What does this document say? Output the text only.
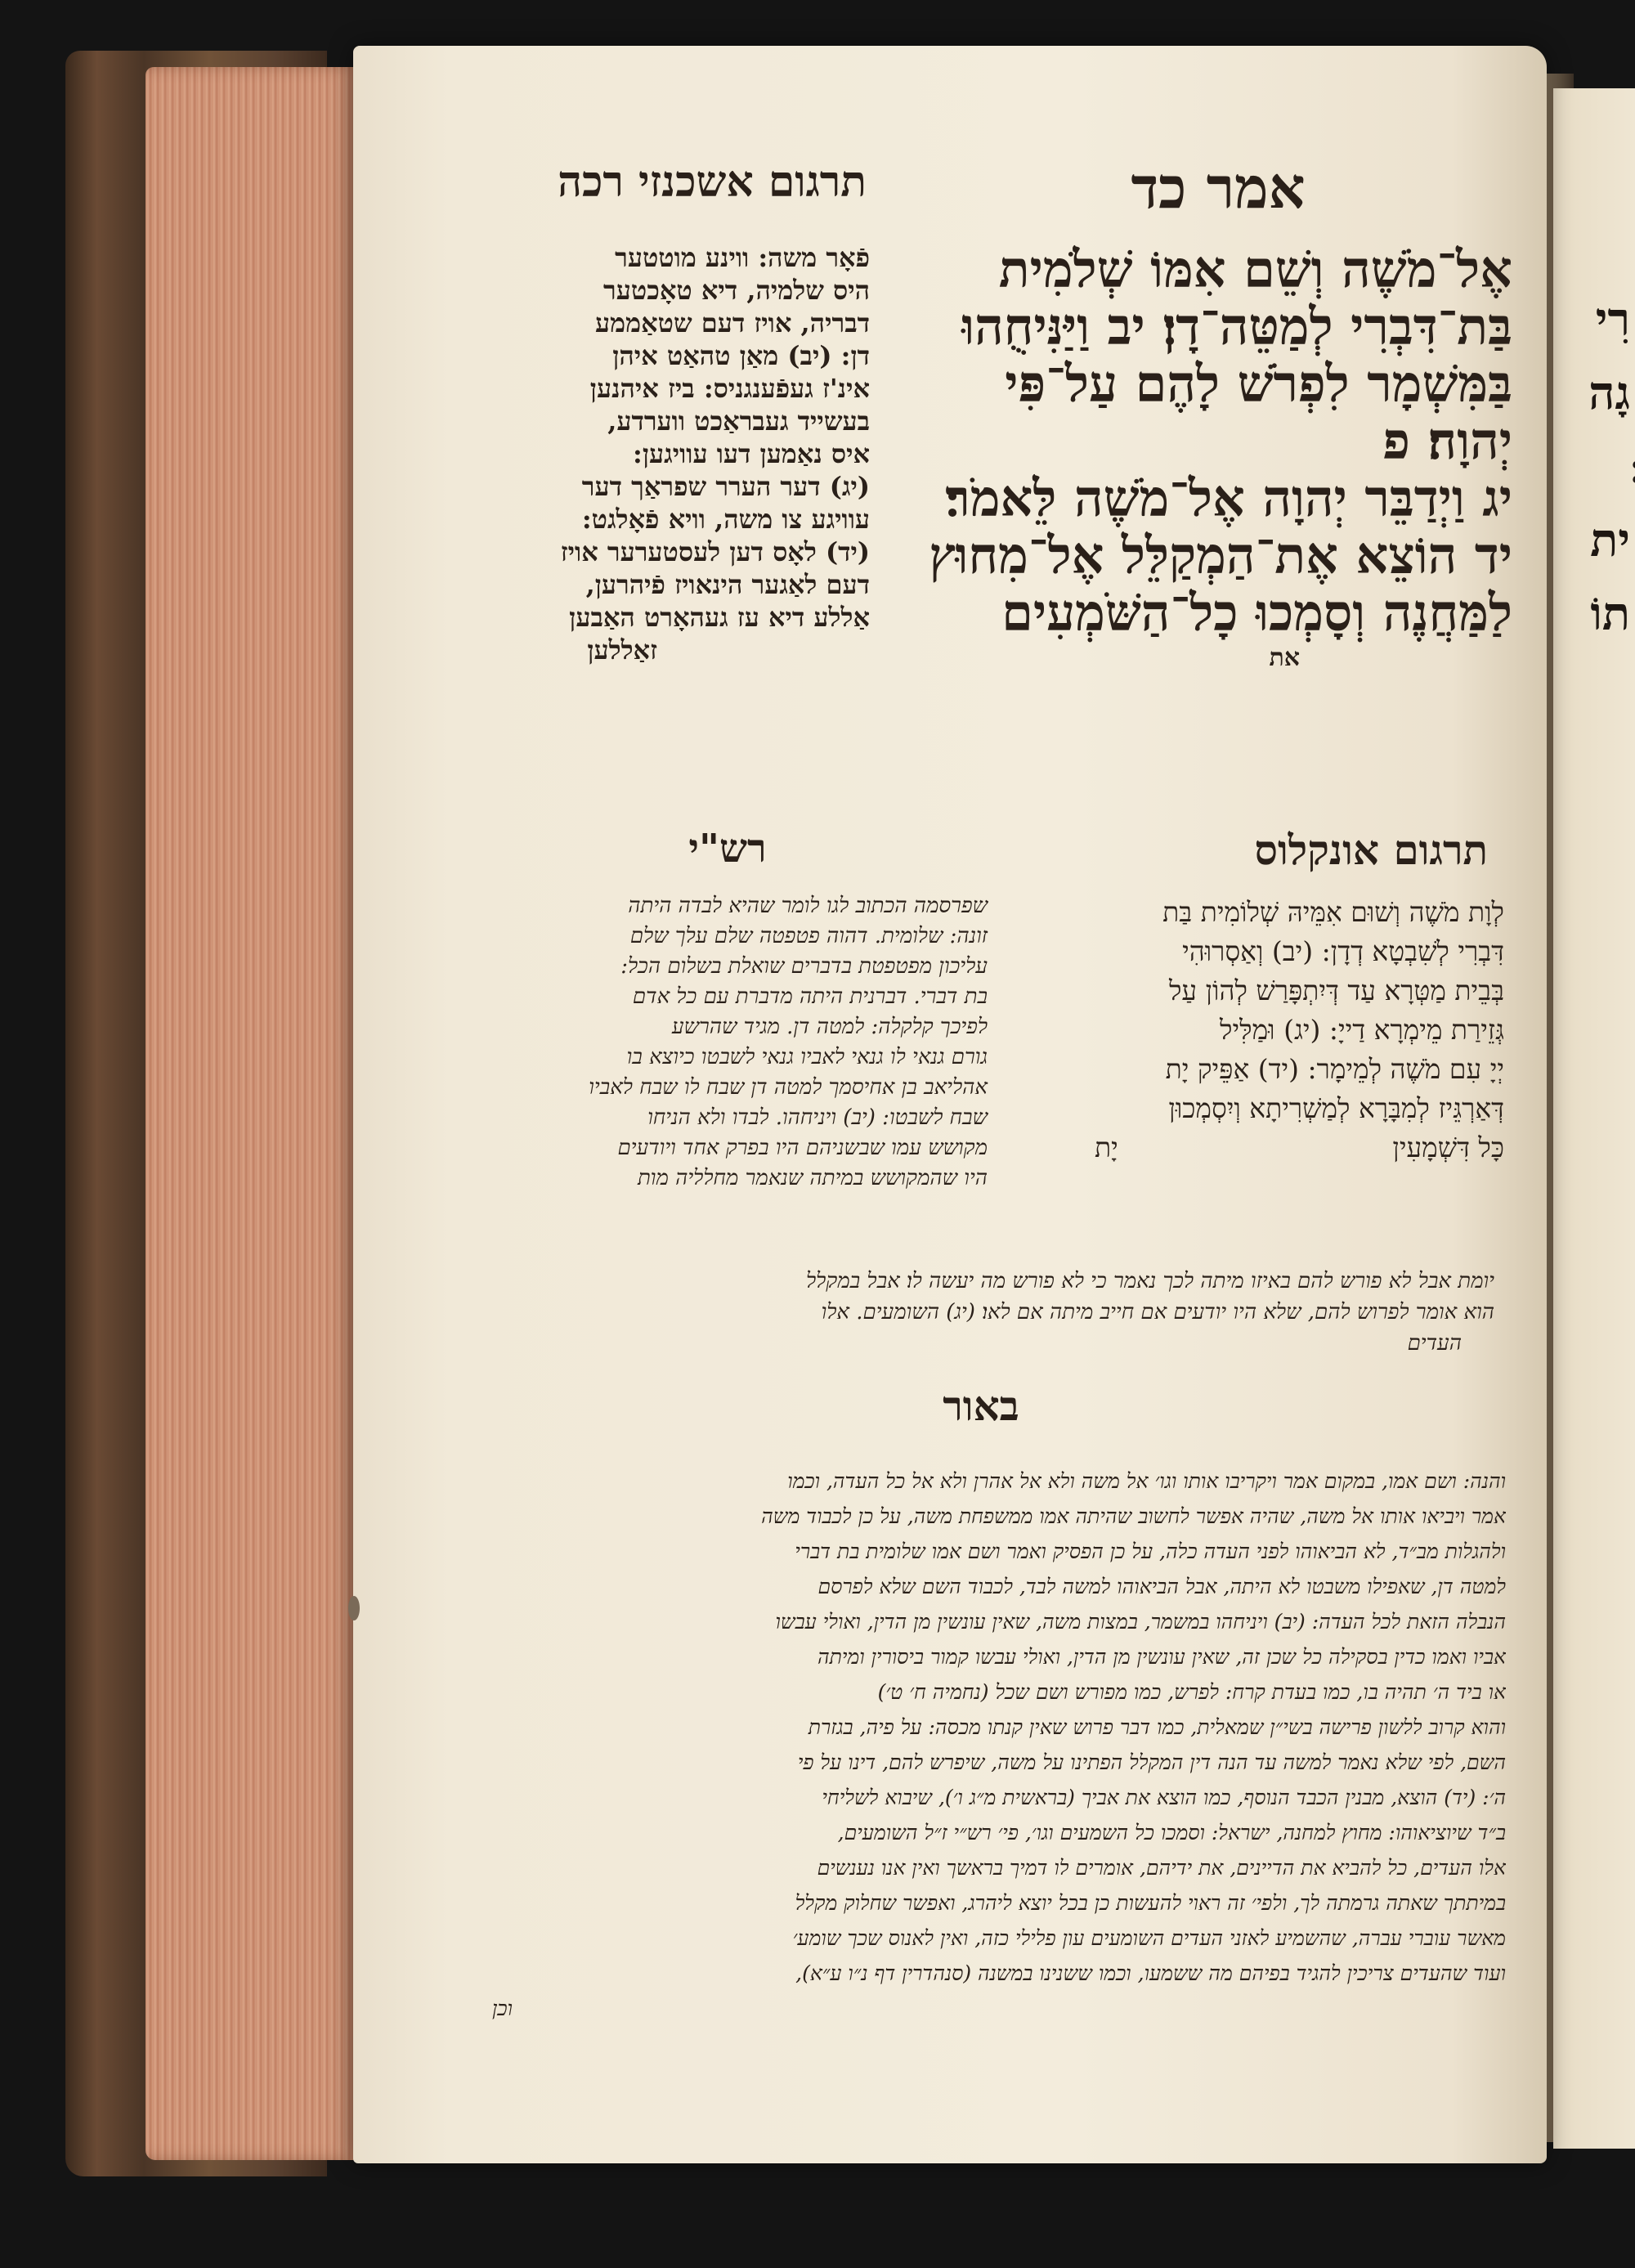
רִי
גָה
ית
תוֹ
אמר כד
תרגום אשכנזי רכה
אֶל־מֹשֶׁה וְשֵׁם אִמּוֹ שְׁלֹמִית
בַּת־דִּבְרִי לְמַטֵּה־דָן׃ יב וַיַּנִּיחֻהוּ
בַּמִּשְׁמָר לִפְרֹשׁ לָהֶם עַל־פִּי
יְהוָה׃ פ
יג וַיְדַבֵּר יְהוָה אֶל־מֹשֶׁה לֵּאמֹר׃
יד הוֹצֵא אֶת־הַמְקַלֵּל אֶל־מִחוּץ
לַמַּחֲנֶה וְסָמְכוּ כָל־הַשֹּׁמְעִים
את
פֿאָר משה: ווינע מוטטער
היס שלמיה, דיא טאָכטער
דבריה, אויז דעם שטאַממע
דן: (יב) מאַן טהאַט איהן
אינ'ז געפֿענגניס: ביז איהנען
בעשייד געבראַכט ווערדע,
איס נאַמען דעו עוויגען:
(יג) דער הערר שפראַך דער
עוויגע צו משה, וויא פֿאָלגט:
(יד) לאָס דען לעסטערער אויז
דעם לאַגער הינאויז פֿיהרען,
אַללע דיא עז געהאָרט האַבען
זאַללען
תרגום אונקלוס
רש"י
לְוָת מֹשֶׁה וְשׁוּם אִמֵּיהּ שְׁלוֹמִית בַּת
דִּבְרִי לְשִׁבְטָא דְדָן: (יב) וְאַסְרוּהִי
בְּבֵית מַטְּרָא עַד דְּיִתְפָּרַשׁ לְהוֹן עַל
גְּזֵירַת מֵימְרָא דַייָ: (יג) וּמַלִּיל
יְיָ עִם מֹשֶׁה לְמֵימָר: (יד) אַפֵּיק יָת
דְּאַרְגֵּיז לְמִבָּרָא לְמַשְׁרִיתָא וְיִסְמְכוּן
כָּל דִּשְׁמָעִין                                יָת
שפרסמה הכתוב לגו לומר שהיא לבדה היתה
זונה: שלומית. דהוה פטפטה שלם עלך שלם
עליכון מפטפטת בדברים שואלת בשלום הכל:
בת דברי. דברנית היתה מדברת עם כל אדם
לפיכך קלקלה: למטה דן. מגיד שהרשע
גורם גנאי לו גנאי לאביו גנאי לשבטו כיוצא בו
אהליאב בן אחיסמך למטה דן שבח לו שבח לאביו
שבח לשבטו: (יב) ויניחהו. לבדו ולא הניחו
מקושש עמו שבשניהם היו בפרק אחד ויודעים
היו שהמקושש במיתה שנאמר מחלליה מות
יומת אבל לא פורש להם באיזו מיתה לכך נאמר כי לא פורש מה יעשה לו׃ אבל במקלל
הוא אומר לפרוש להם, שלא היו יודעים אם חייב מיתה אם לאו׃ (יג) השומעים. אלו
העדים
באור
והנה: ושם אמו, במקום אמר ויקריבו אותו וגו׳ אל משה ולא אל אהרן ולא אל כל העדה, וכמו
אמר ויביאו אותו אל משה, שהיה אפשר לחשוב שהיתה אמו ממשפחת משה, על כן לכבוד משה
ולהגלות מב״ד, לא הביאוהו לפני העדה כלה, על כן הפסיק ואמר ושם אמו שלומית בת דברי
למטה דן, שאפילו משבטו לא היתה, אבל הביאוהו למשה לבד, לכבוד השם שלא לפרסם
הנבלה הזאת לכל העדה: (יב) ויניחהו במשמר, במצות משה, שאין עונשין מן הדין, ואולי עבשו
אביו ואמו כדין בסקילה כל שכן זה, שאין עונשין מן הדין, ואולי עבשו קמור ביסורין ומיתה
או ביד ה׳ תהיה בו, כמו בעדת קרח: לפרש, כמו מפורש ושם שכל (נחמיה ח׳ ט׳)
והוא קרוב ללשון פרישה בשי״ן שמאלית, כמו דבר פרוש שאין קנתו מכסה: על פיה, בגזרת
השם, לפי שלא נאמר למשה עד הנה דין המקלל הפתינו על משה, שיפרש להם, דינו על פי
ה׳: (יד) הוצא, מבנין הכבד הנוסף, כמו הוצא את אביך (בראשית מ״ג ו׳), שיבוא לשליחי
ב״ד שיוציאוהו: מחוץ למחנה, ישראל: וסמכו כל השמעים וגו׳, פי׳ רש״י ז״ל השומעים,
אלו העדים, כל להביא את הדיינים, את ידיהם, אומרים לו דמיך בראשך ואין אנו נענשים
במיתתך שאתה גרמתה לך, ולפי׳ זה ראוי להעשות כן בכל יוצא ליהרג, ואפשר שחלוק מקלל
מאשר עוברי עברה, שהשמיע לאזני העדים השומעים עון פלילי כזה, ואין לאנוס שכך שומע׳
ועוד שהעדים צריכין להגיד בפיהם מה ששמעו, וכמו ששנינו במשנה (סנהדרין דף נ״ו ע״א),
וכן
